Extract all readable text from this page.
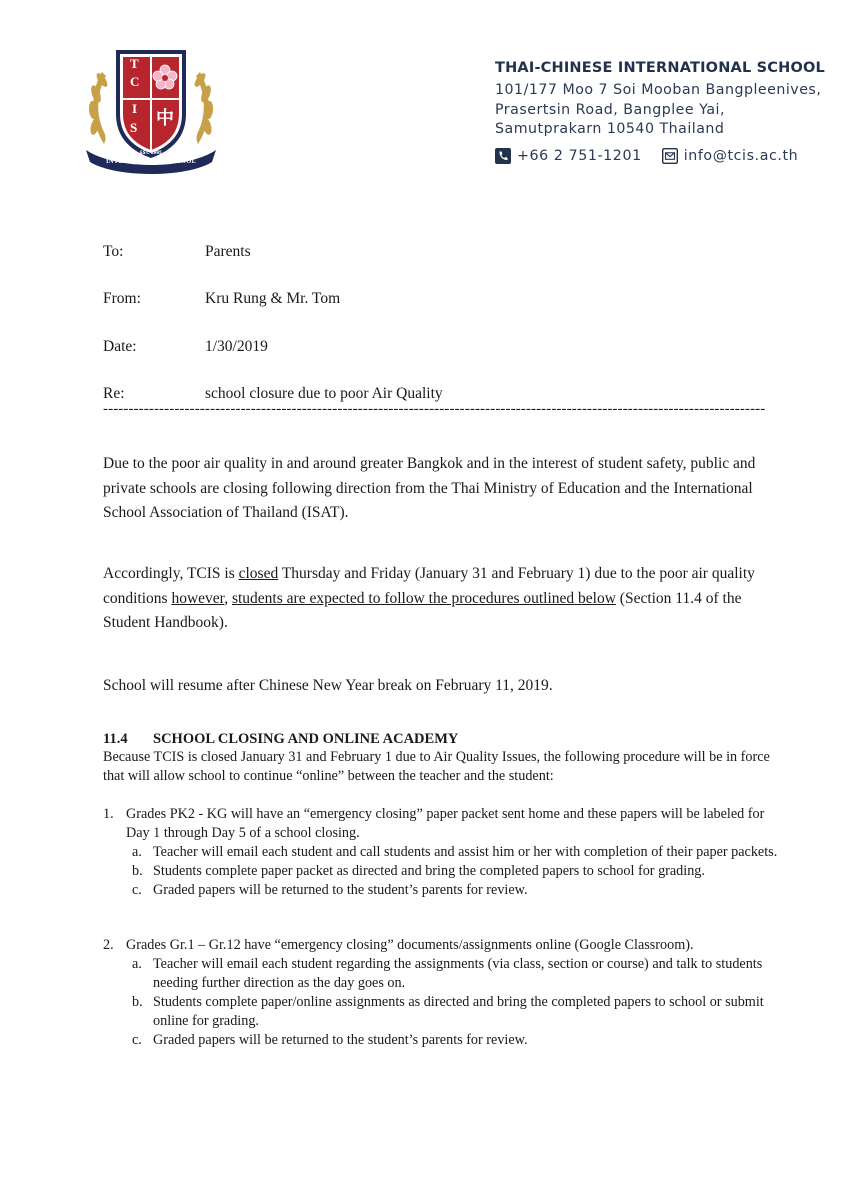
T
C
I
S 中
EST. 1995
INTERNATIONAL SCHOOL
THAI-CHINESE INTERNATIONAL SCHOOL
101/177 Moo 7 Soi Mooban Bangpleenives,
Prasertsin Road, Bangplee Yai,
Samutprakarn 10540 Thailand
+66 2 751-1201	info@tcis.ac.th
To:	Parents
From:	Kru Rung & Mr. Tom
Date:	1/30/2019
Re:	school closure due to poor Air Quality
----------------------------------------------------------------------------------------------------------------------------------

Due to the poor air quality in and around greater Bangkok and in the interest of student safety, public and private schools are closing following direction from the Thai Ministry of Education and the International School Association of Thailand (ISAT).

Accordingly, TCIS is closed Thursday and Friday (January 31 and February 1) due to the poor air quality conditions however, students are expected to follow the procedures outlined below (Section 11.4 of the Student Handbook).

School will resume after Chinese New Year break on February 11, 2019.

11.4 SCHOOL CLOSING AND ONLINE ACADEMY

Because TCIS is closed January 31 and February 1 due to Air Quality Issues, the following procedure will be in force that will allow school to continue “online” between the teacher and the student:

1. Grades PK2 - KG will have an “emergency closing” paper packet sent home and these papers will be labeled for Day 1 through Day 5 of a school closing.
a. Teacher will email each student and call students and assist him or her with completion of their paper packets.
b. Students complete paper packet as directed and bring the completed papers to school for grading.
c. Graded papers will be returned to the student’s parents for review.
2. Grades Gr.1 – Gr.12 have “emergency closing” documents/assignments online (Google Classroom).
a. Teacher will email each student regarding the assignments (via class, section or course) and talk to students needing further direction as the day goes on.
b. Students complete paper/online assignments as directed and bring the completed papers to school or submit online for grading.
c. Graded papers will be returned to the student’s parents for review.
